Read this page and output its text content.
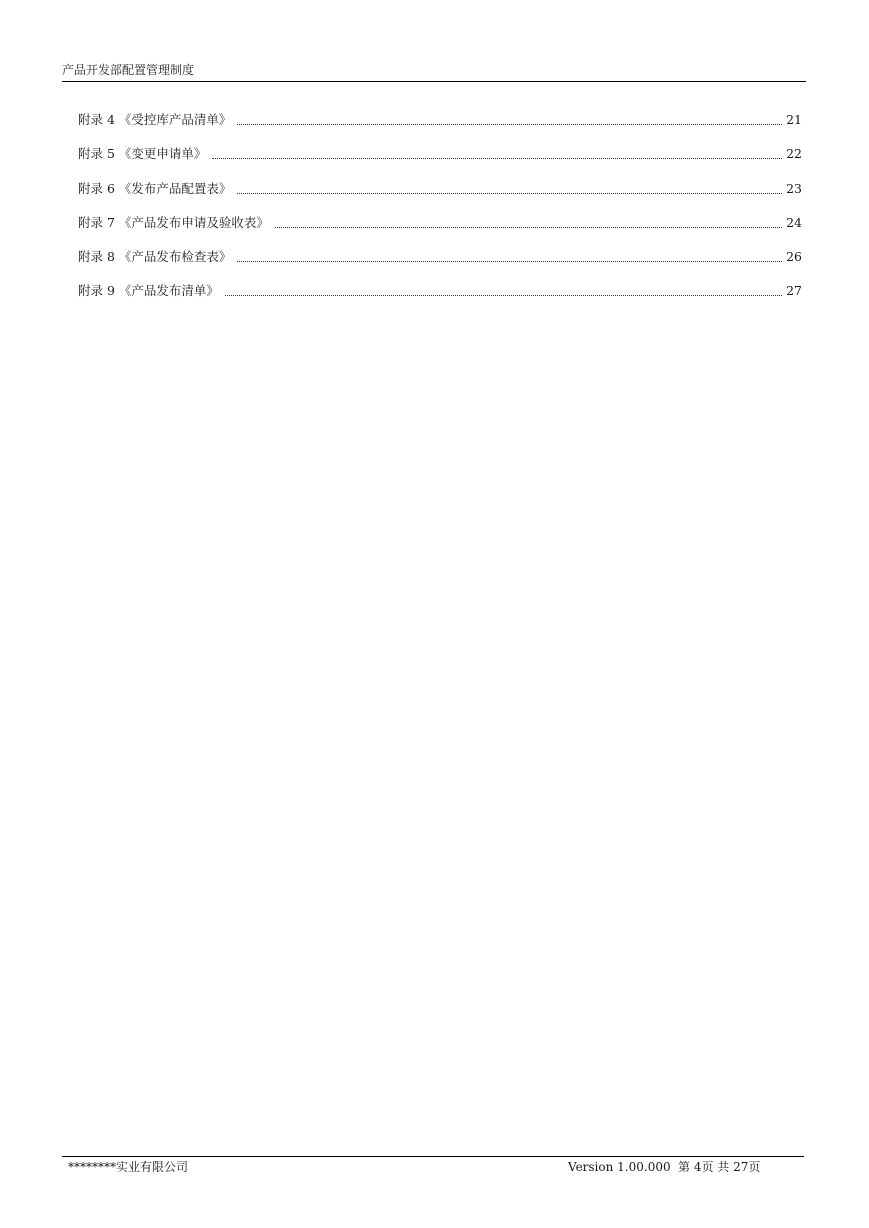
产品开发部配置管理制度
附录 4 《受控库产品清单》	21
附录 5 《变更申请单》	22
附录 6 《发布产品配置表》	23
附录 7 《产品发布申请及验收表》	24
附录 8 《产品发布检查表》	26
附录 9 《产品发布清单》	27
********实业有限公司	Version 1.00.000 第 4页 共 27页
